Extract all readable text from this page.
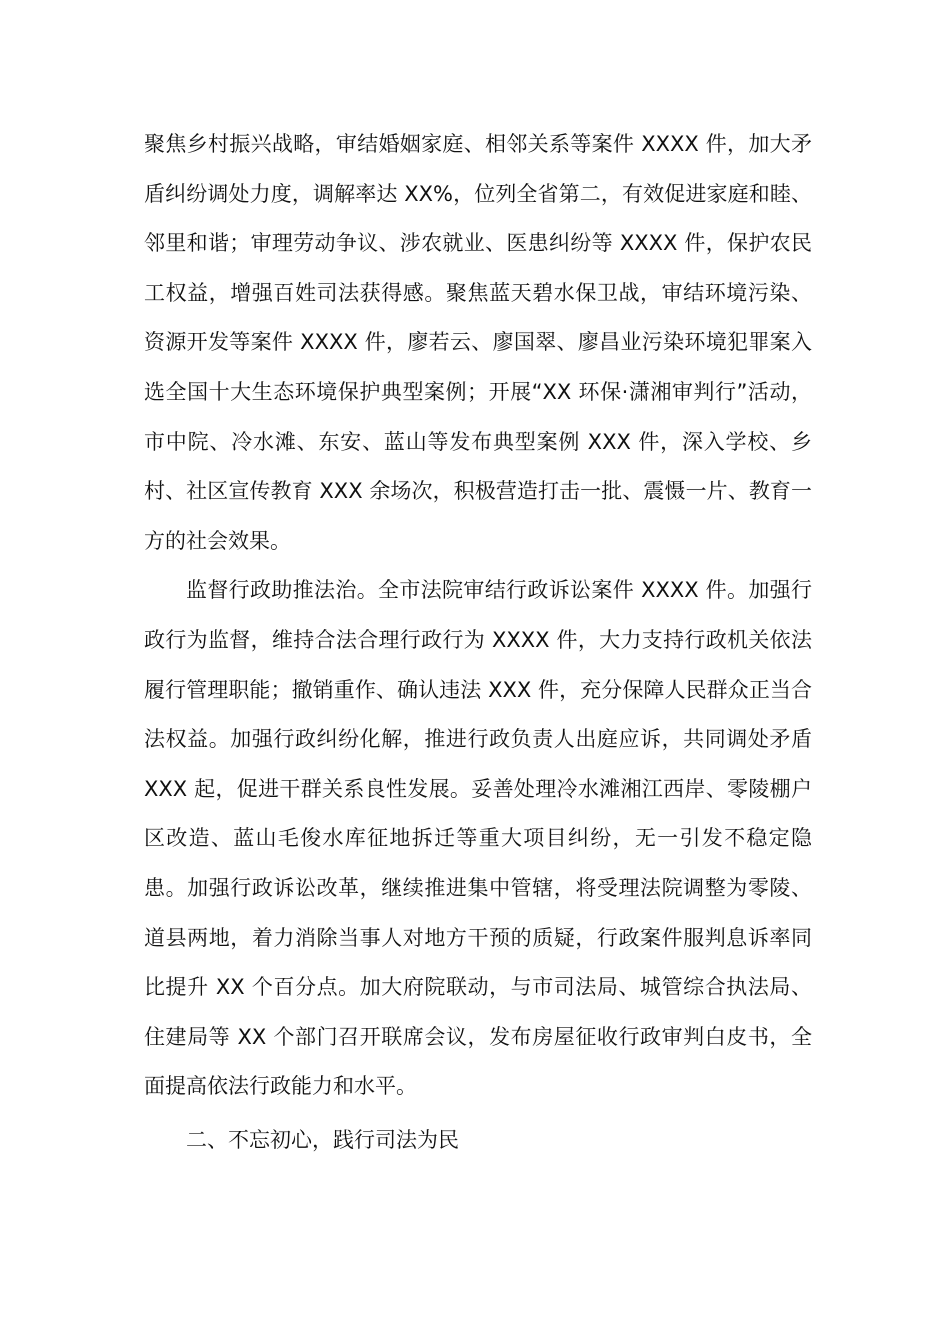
聚焦乡村振兴战略，审结婚姻家庭、相邻关系等案件 XXXX 件，加大矛盾纠纷调处力度，调解率达 XX%，位列全省第二，有效促进家庭和睦、邻里和谐；审理劳动争议、涉农就业、医患纠纷等 XXXX 件，保护农民工权益，增强百姓司法获得感。聚焦蓝天碧水保卫战，审结环境污染、资源开发等案件 XXXX 件，廖若云、廖国翠、廖昌业污染环境犯罪案入选全国十大生态环境保护典型案例；开展“XX 环保·潇湘审判行”活动，市中院、冷水滩、东安、蓝山等发布典型案例 XXX 件，深入学校、乡村、社区宣传教育 XXX 余场次，积极营造打击一批、震慑一片、教育一方的社会效果。

监督行政助推法治。全市法院审结行政诉讼案件 XXXX 件。加强行政行为监督，维持合法合理行政行为 XXXX 件，大力支持行政机关依法履行管理职能；撤销重作、确认违法 XXX 件，充分保障人民群众正当合法权益。加强行政纠纷化解，推进行政负责人出庭应诉，共同调处矛盾 XXX 起，促进干群关系良性发展。妥善处理冷水滩湘江西岸、零陵棚户区改造、蓝山毛俊水库征地拆迁等重大项目纠纷，无一引发不稳定隐患。加强行政诉讼改革，继续推进集中管辖，将受理法院调整为零陵、道县两地，着力消除当事人对地方干预的质疑，行政案件服判息诉率同比提升 XX 个百分点。加大府院联动，与市司法局、城管综合执法局、住建局等 XX 个部门召开联席会议，发布房屋征收行政审判白皮书，全面提高依法行政能力和水平。

二、不忘初心，践行司法为民
